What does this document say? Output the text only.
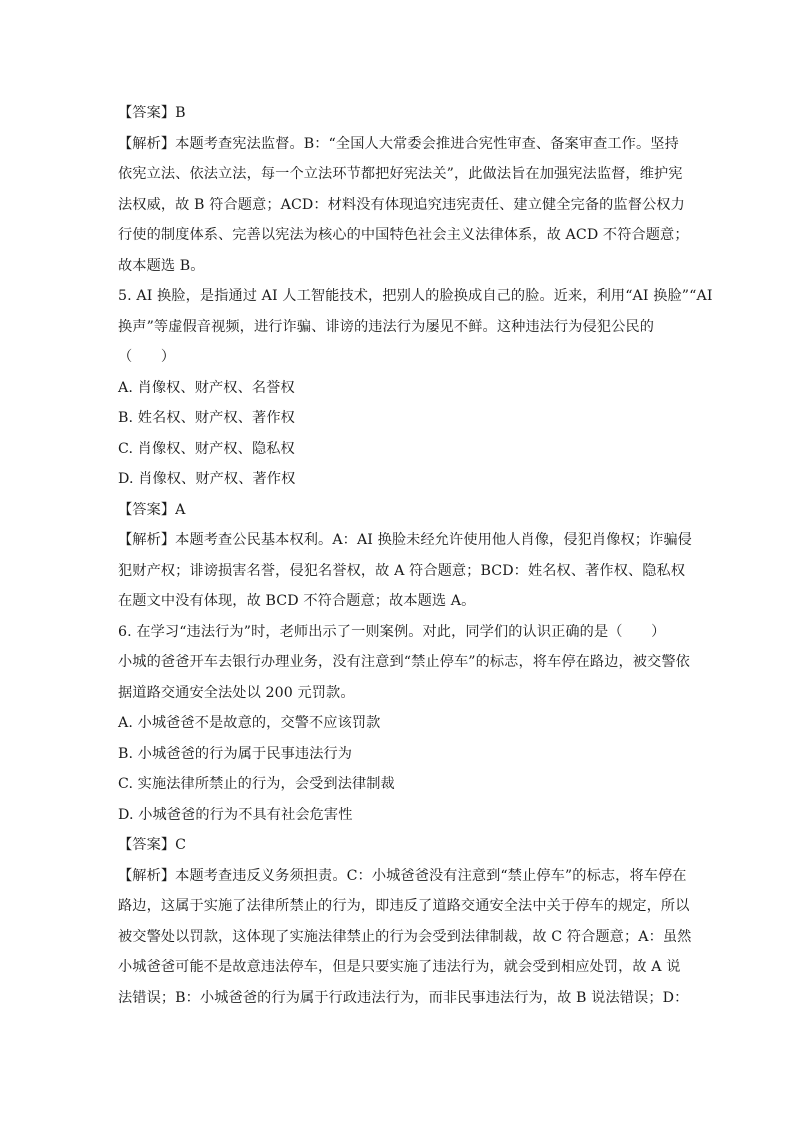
【答案】B
【解析】本题考查宪法监督。B：“全国人大常委会推进合宪性审查、备案审查工作。坚持
依宪立法、依法立法，每一个立法环节都把好宪法关”，此做法旨在加强宪法监督，维护宪
法权威，故 B 符合题意；ACD：材料没有体现追究违宪责任、建立健全完备的监督公权力
行使的制度体系、完善以宪法为核心的中国特色社会主义法律体系，故 ACD 不符合题意；
故本题选 B。
5. AI 换脸，是指通过 AI 人工智能技术，把别人的脸换成自己的脸。近来，利用“AI 换脸”“AI
换声”等虚假音视频，进行诈骗、诽谤的违法行为屡见不鲜。这种违法行为侵犯公民的
（　　）
A. 肖像权、财产权、名誉权
B. 姓名权、财产权、著作权
C. 肖像权、财产权、隐私权
D. 肖像权、财产权、著作权
【答案】A
【解析】本题考查公民基本权利。A：AI 换脸未经允许使用他人肖像，侵犯肖像权；诈骗侵
犯财产权；诽谤损害名誉，侵犯名誉权，故 A 符合题意；BCD：姓名权、著作权、隐私权
在题文中没有体现，故 BCD 不符合题意；故本题选 A。
6. 在学习“违法行为”时，老师出示了一则案例。对此，同学们的认识正确的是（　　）
小城的爸爸开车去银行办理业务，没有注意到“禁止停车”的标志，将车停在路边，被交警依
据道路交通安全法处以 200 元罚款。
A. 小城爸爸不是故意的，交警不应该罚款
B. 小城爸爸的行为属于民事违法行为
C. 实施法律所禁止的行为，会受到法律制裁
D. 小城爸爸的行为不具有社会危害性
【答案】C
【解析】本题考查违反义务须担责。C：小城爸爸没有注意到“禁止停车”的标志，将车停在
路边，这属于实施了法律所禁止的行为，即违反了道路交通安全法中关于停车的规定，所以
被交警处以罚款，这体现了实施法律禁止的行为会受到法律制裁，故 C 符合题意；A：虽然
小城爸爸可能不是故意违法停车，但是只要实施了违法行为，就会受到相应处罚，故 A 说
法错误；B：小城爸爸的行为属于行政违法行为，而非民事违法行为，故 B 说法错误；D：
